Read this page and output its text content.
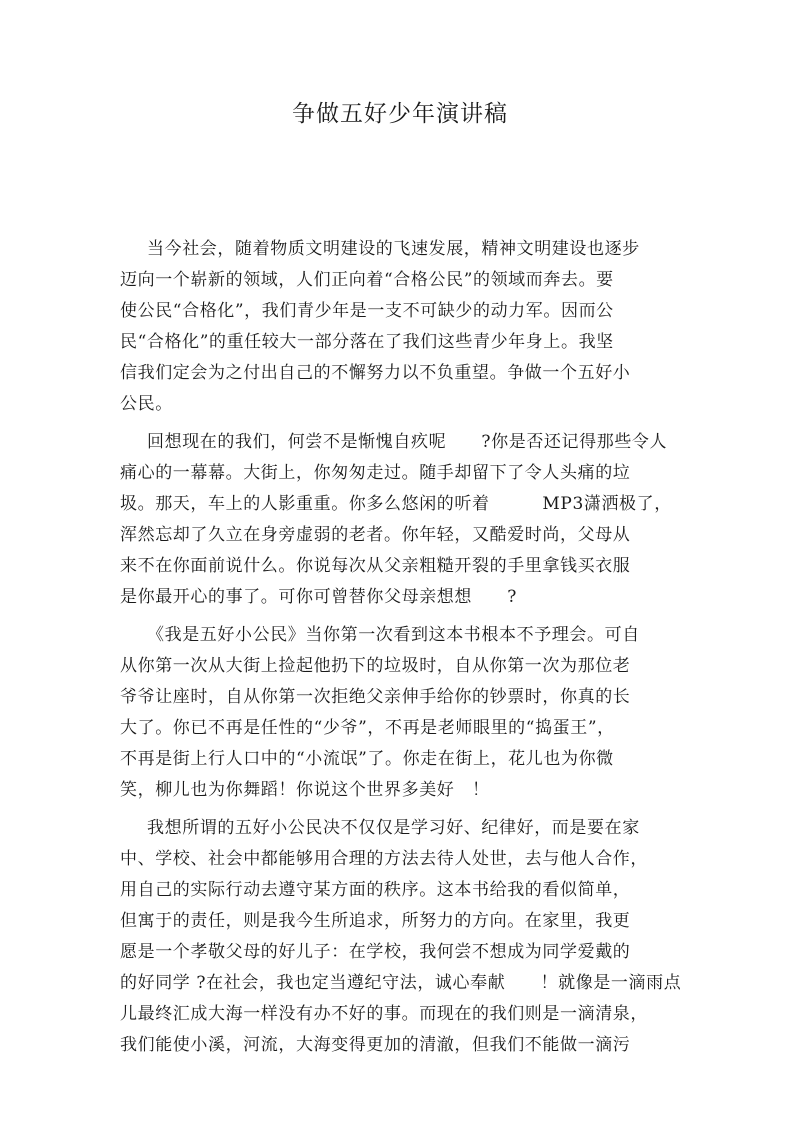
争做五好少年演讲稿
当今社会，随着物质文明建设的飞速发展，精神文明建设也逐步
迈向一个崭新的领域，人们正向着“合格公民”的领域而奔去。要
使公民“合格化”，我们青少年是一支不可缺少的动力军。因而公
民“合格化”的重任较大一部分落在了我们这些青少年身上。我坚
信我们定会为之付出自己的不懈努力以不负重望。争做一个五好小
公民。
回想现在的我们，何尝不是惭愧自疚呢　　?你是否还记得那些令人
痛心的一幕幕。大街上，你匆匆走过。随手却留下了令人头痛的垃
圾。那天，车上的人影重重。你多么悠闲的听着　　　MP3潇洒极了，
浑然忘却了久立在身旁虚弱的老者。你年轻，又酷爱时尚，父母从
来不在你面前说什么。你说每次从父亲粗糙开裂的手里拿钱买衣服
是你最开心的事了。可你可曾替你父母亲想想　　?
《我是五好小公民》当你第一次看到这本书根本不予理会。可自
从你第一次从大街上捡起他扔下的垃圾时，自从你第一次为那位老
爷爷让座时，自从你第一次拒绝父亲伸手给你的钞票时，你真的长
大了。你已不再是任性的“少爷”，不再是老师眼里的“捣蛋王”，
不再是街上行人口中的“小流氓”了。你走在街上，花儿也为你微
笑，柳儿也为你舞蹈！你说这个世界多美好　！
我想所谓的五好小公民决不仅仅是学习好、纪律好，而是要在家
中、学校、社会中都能够用合理的方法去待人处世，去与他人合作，
用自己的实际行动去遵守某方面的秩序。这本书给我的看似简单，
但寓于的责任，则是我今生所追求，所努力的方向。在家里，我更
愿是一个孝敬父母的好儿子：在学校，我何尝不想成为同学爱戴的
的好同学 ?在社会，我也定当遵纪守法，诚心奉献　　！就像是一滴雨点
儿最终汇成大海一样没有办不好的事。而现在的我们则是一滴清泉，
我们能使小溪，河流，大海变得更加的清澈，但我们不能做一滴污
